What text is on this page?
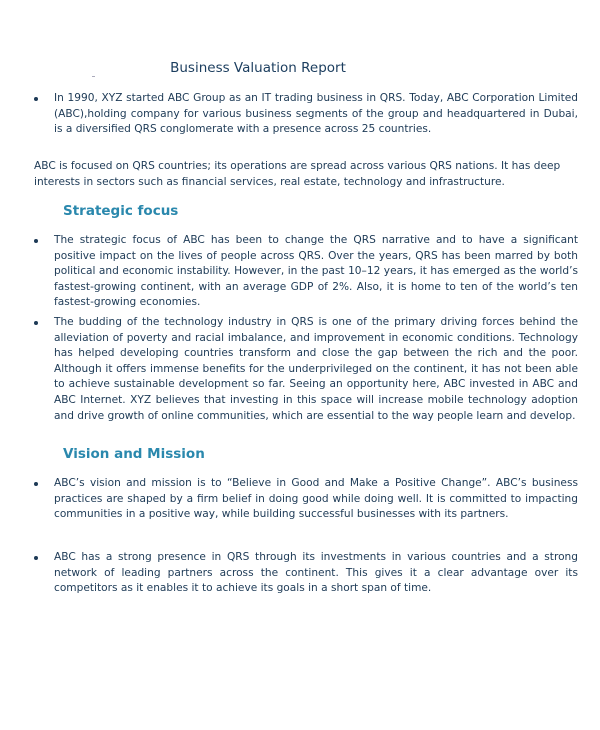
Business Valuation Report
In 1990, XYZ started ABC Group as an IT trading business in QRS. Today, ABC Corporation Limited (ABC),holding company for various business segments of the group and headquartered in Dubai, is a diversified QRS conglomerate with a presence across 25 countries.
ABC is focused on QRS countries; its operations are spread across various QRS nations. It has deep interests in sectors such as financial services, real estate, technology and infrastructure.
Strategic focus
The strategic focus of ABC has been to change the QRS narrative and to have a significant positive impact on the lives of people across QRS. Over the years, QRS has been marred by both political and economic instability. However, in the past 10–12 years, it has emerged as the world’s fastest-growing continent, with an average GDP of 2%. Also, it is home to ten of the world’s ten fastest-growing economies.
The budding of the technology industry in QRS is one of the primary driving forces behind the alleviation of poverty and racial imbalance, and improvement in economic conditions. Technology has helped developing countries transform and close the gap between the rich and the poor. Although it offers immense benefits for the underprivileged on the continent, it has not been able to achieve sustainable development so far. Seeing an opportunity here, ABC invested in ABC and ABC Internet. XYZ believes that investing in this space will increase mobile technology adoption and drive growth of online communities, which are essential to the way people learn and develop.
Vision and Mission
ABC’s vision and mission is to “Believe in Good and Make a Positive Change”. ABC’s business practices are shaped by a firm belief in doing good while doing well. It is committed to impacting communities in a positive way, while building successful businesses with its partners.
ABC has a strong presence in QRS through its investments in various countries and a strong network of leading partners across the continent. This gives it a clear advantage over its competitors as it enables it to achieve its goals in a short span of time.
